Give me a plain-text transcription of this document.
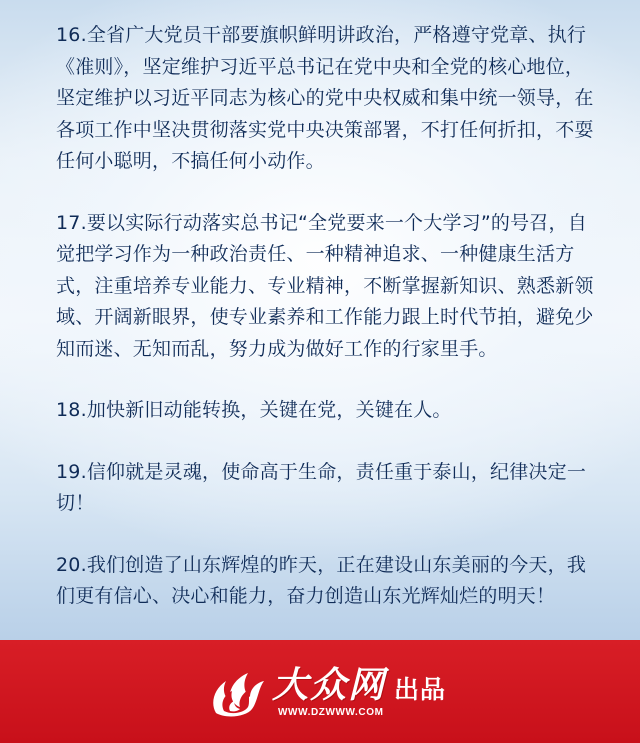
16.全省广大党员干部要旗帜鲜明讲政治，严格遵守党章、执行《准则》，坚定维护习近平总书记在党中央和全党的核心地位，坚定维护以习近平同志为核心的党中央权威和集中统一领导，在各项工作中坚决贯彻落实党中央决策部署，不打任何折扣，不耍任何小聪明，不搞任何小动作。

17.要以实际行动落实总书记“全党要来一个大学习”的号召，自觉把学习作为一种政治责任、一种精神追求、一种健康生活方式，注重培养专业能力、专业精神，不断掌握新知识、熟悉新领域、开阔新眼界，使专业素养和工作能力跟上时代节拍，避免少知而迷、无知而乱，努力成为做好工作的行家里手。

18.加快新旧动能转换，关键在党，关键在人。

19.信仰就是灵魂，使命高于生命，责任重于泰山，纪律决定一切！

20.我们创造了山东辉煌的昨天，正在建设山东美丽的今天，我们更有信心、决心和能力，奋力创造山东光辉灿烂的明天！

大众网
WWW.DZWWW.COM
出品
